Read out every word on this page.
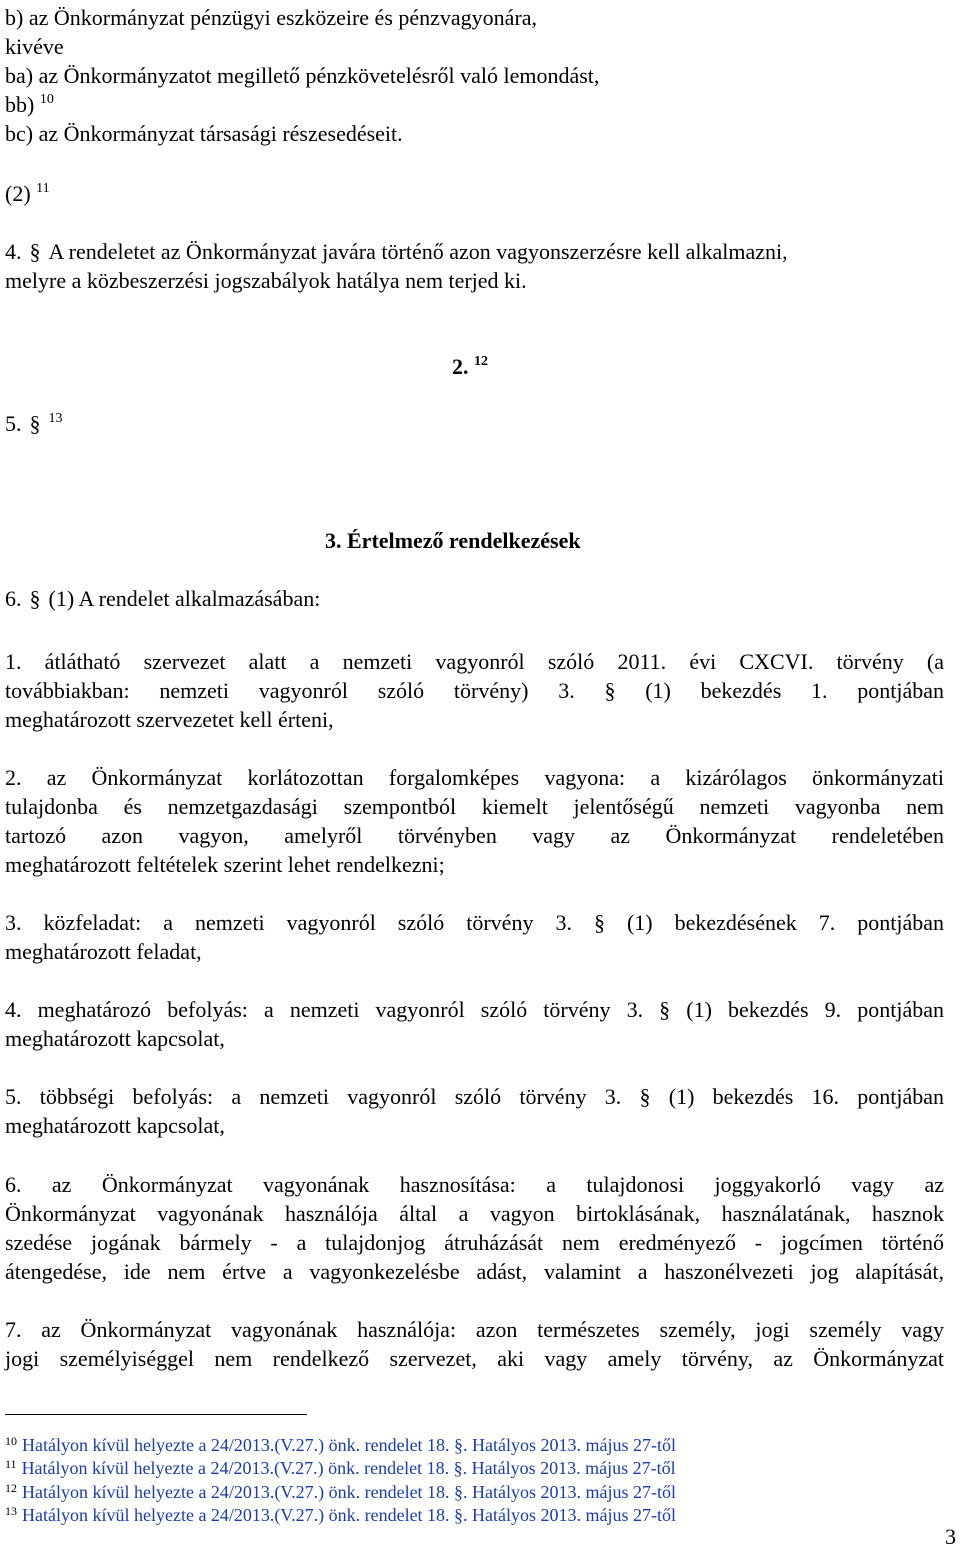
b) az Önkormányzat pénzügyi eszközeire és pénzvagyonára,
kivéve
ba) az Önkormányzatot megillető pénzkövetelésről való lemondást,
bb) $^{10}$
bc) az Önkormányzat társasági részesedéseit.
(2) $^{11}$
4. § A rendeletet az Önkormányzat javára történő azon vagyonszerzésre kell alkalmazni,
melyre a közbeszerzési jogszabályok hatálya nem terjed ki.
2. $^{12}$
5. § $^{13}$
3. Értelmező rendelkezések
6. § (1) A rendelet alkalmazásában:
1. átlátható szervezet alatt a nemzeti vagyonról szóló 2011. évi CXCVI. törvény (a
továbbiakban: nemzeti vagyonról szóló törvény) 3. § (1) bekezdés 1. pontjában
meghatározott szervezetet kell érteni,
2. az Önkormányzat korlátozottan forgalomképes vagyona: a kizárólagos önkormányzati
tulajdonba és nemzetgazdasági szempontból kiemelt jelentőségű nemzeti vagyonba nem
tartozó azon vagyon, amelyről törvényben vagy az Önkormányzat rendeletében
meghatározott feltételek szerint lehet rendelkezni;
3. közfeladat: a nemzeti vagyonról szóló törvény 3. § (1) bekezdésének 7. pontjában
meghatározott feladat,
4. meghatározó befolyás: a nemzeti vagyonról szóló törvény 3. § (1) bekezdés 9. pontjában
meghatározott kapcsolat,
5. többségi befolyás: a nemzeti vagyonról szóló törvény 3. § (1) bekezdés 16. pontjában
meghatározott kapcsolat,
6. az Önkormányzat vagyonának hasznosítása: a tulajdonosi joggyakorló vagy az
Önkormányzat vagyonának használója által a vagyon birtoklásának, használatának, hasznok
szedése jogának bármely - a tulajdonjog átruházását nem eredményező - jogcímen történő
átengedése, ide nem értve a vagyonkezelésbe adást, valamint a haszonélvezeti jog alapítását,
7. az Önkormányzat vagyonának használója: azon természetes személy, jogi személy vagy
jogi személyiséggel nem rendelkező szervezet, aki vagy amely törvény, az Önkormányzat
$^{10}$ Hatályon kívül helyezte a 24/2013.(V.27.) önk. rendelet 18. §. Hatályos 2013. május 27-től
$^{11}$ Hatályon kívül helyezte a 24/2013.(V.27.) önk. rendelet 18. §. Hatályos 2013. május 27-től
$^{12}$ Hatályon kívül helyezte a 24/2013.(V.27.) önk. rendelet 18. §. Hatályos 2013. május 27-től
$^{13}$ Hatályon kívül helyezte a 24/2013.(V.27.) önk. rendelet 18. §. Hatályos 2013. május 27-től
3
